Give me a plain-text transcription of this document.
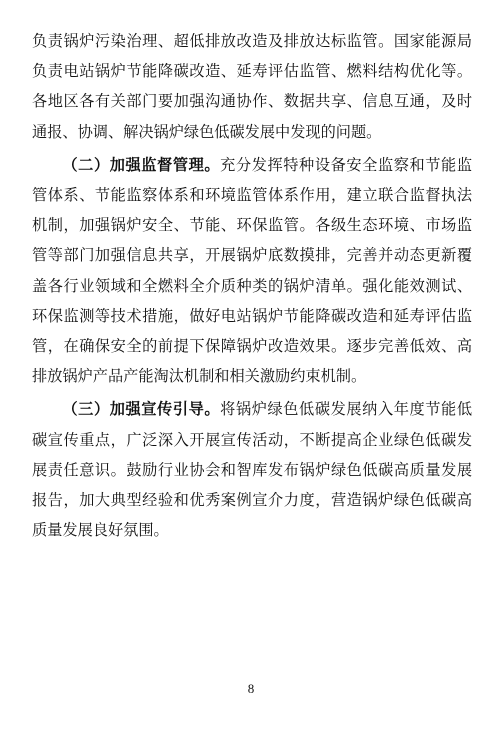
负责锅炉污染治理、超低排放改造及排放达标监管。国家能源局负责电站锅炉节能降碳改造、延寿评估监管、燃料结构优化等。各地区各有关部门要加强沟通协作、数据共享、信息互通，及时通报、协调、解决锅炉绿色低碳发展中发现的问题。

（二）加强监督管理。充分发挥特种设备安全监察和节能监管体系、节能监察体系和环境监管体系作用，建立联合监督执法机制，加强锅炉安全、节能、环保监管。各级生态环境、市场监管等部门加强信息共享，开展锅炉底数摸排，完善并动态更新覆盖各行业领域和全燃料全介质种类的锅炉清单。强化能效测试、环保监测等技术措施，做好电站锅炉节能降碳改造和延寿评估监管，在确保安全的前提下保障锅炉改造效果。逐步完善低效、高排放锅炉产品产能淘汰机制和相关激励约束机制。

（三）加强宣传引导。将锅炉绿色低碳发展纳入年度节能低碳宣传重点，广泛深入开展宣传活动，不断提高企业绿色低碳发展责任意识。鼓励行业协会和智库发布锅炉绿色低碳高质量发展报告，加大典型经验和优秀案例宣介力度，营造锅炉绿色低碳高质量发展良好氛围。

8
